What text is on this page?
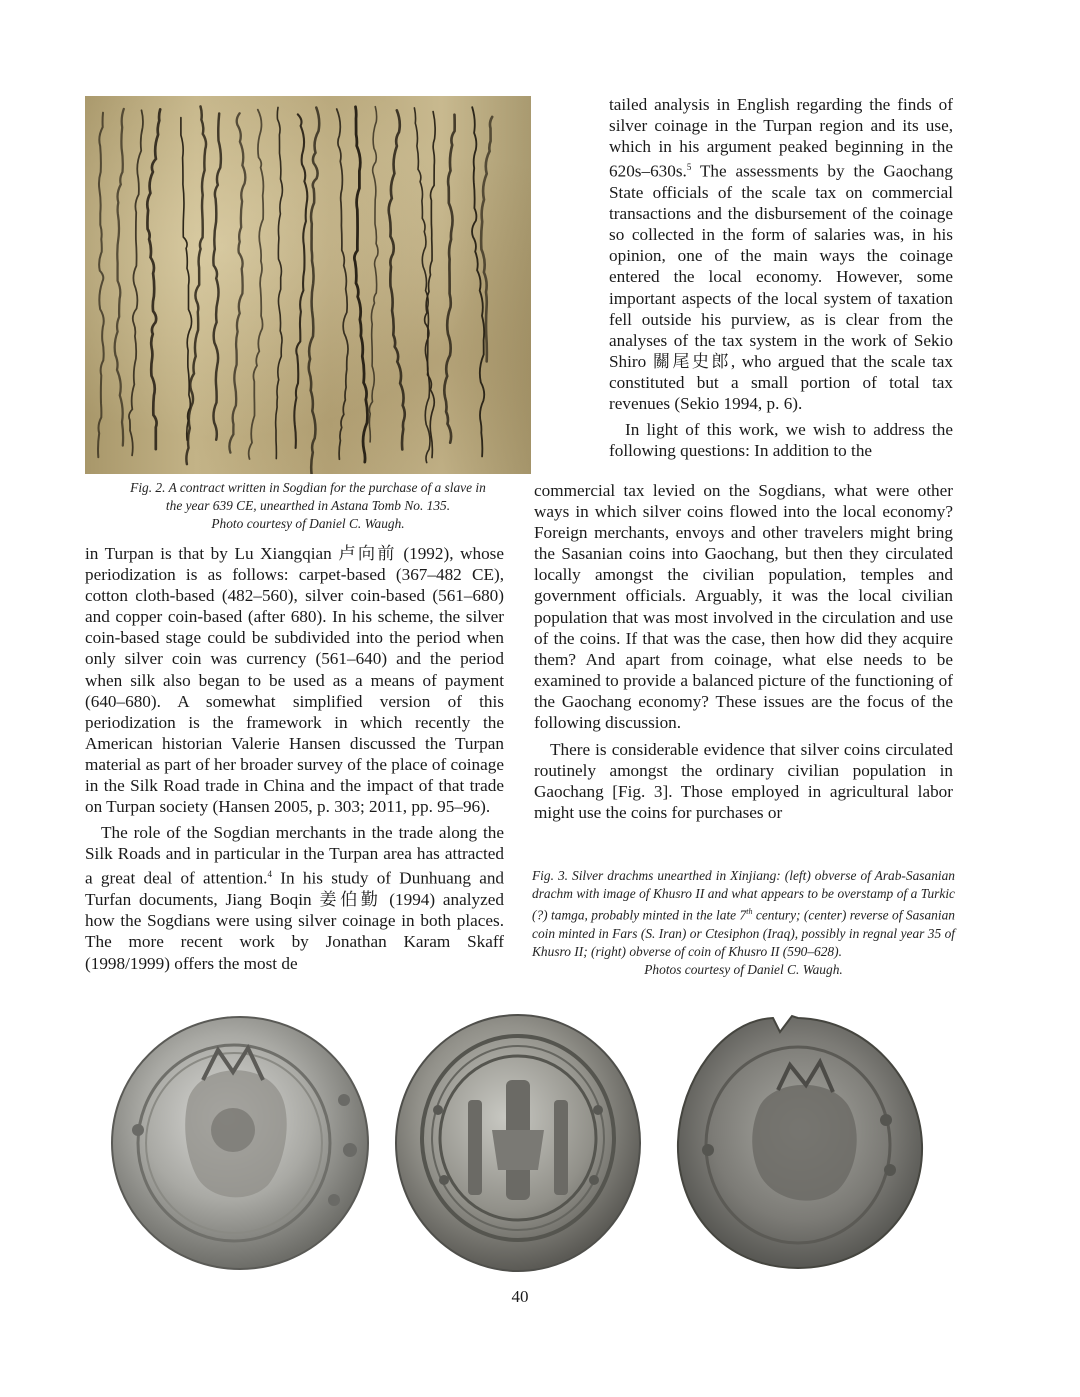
Fig. 2. A contract written in Sogdian for the purchase of a slave in

the year 639 CE, unearthed in Astana Tomb No. 135.

Photo courtesy of Daniel C. Waugh.

tailed analysis in English regarding the finds of silver coinage in the Turpan region and its use, which in his argument peaked beginning in the 620s–630s.$^5$ The assessments by the Gaochang State officials of the scale tax on commercial transactions and the disbursement of the coinage so collected in the form of salaries was, in his opinion, one of the main ways the coinage entered the local economy. However, some important aspects of the local system of taxation fell outside his purview, as is clear from the analyses of the tax system in the work of Sekio Shiro 關尾史郎, who argued that the scale tax constituted but a small portion of total tax revenues (Sekio 1994, p. 6).

In light of this work, we wish to address the following questions: In addition to the

commercial tax levied on the Sogdians, what were other ways in which silver coins flowed into the local economy? Foreign merchants, envoys and other travelers might bring the Sasanian coins into Gaochang, but then they circulated locally amongst the civilian population, temples and government officials. Arguably, it was the local civilian population that was most involved in the circulation and use of the coins. If that was the case, then how did they acquire them? And apart from coinage, what else needs to be examined to provide a balanced picture of the functioning of the Gaochang economy? These issues are the focus of the following discussion.

There is considerable evidence that silver coins circulated routinely amongst the ordinary civilian population in Gaochang [Fig. 3]. Those employed in agricultural labor might use the coins for purchases or

in Turpan is that by Lu Xiangqian 卢向前 (1992), whose periodization is as follows: carpet-based (367–482 CE), cotton cloth-based (482–560), silver coin-based (561–680) and copper coin-based (after 680). In his scheme, the silver coin-based stage could be subdivided into the period when only silver coin was currency (561–640) and the period when silk also began to be used as a means of payment (640–680). A somewhat simplified version of this periodization is the framework in which recently the American historian Valerie Hansen discussed the Turpan material as part of her broader survey of the place of coinage in the Silk Road trade in China and the impact of that trade on Turpan society (Hansen 2005, p. 303; 2011, pp. 95–96).

The role of the Sogdian merchants in the trade along the Silk Roads and in particular in the Turpan area has attracted a great deal of attention.$^4$ In his study of Dunhuang and Turfan documents, Jiang Boqin 姜伯勤 (1994) analyzed how the Sogdians were using silver coinage in both places. The more recent work by Jonathan Karam Skaff (1998/1999) offers the most de

Fig. 3. Silver drachms unearthed in Xinjiang: (left) obverse of Arab-Sasanian drachm with image of Khusro II and what appears to be overstamp of a Turkic (?) tamga, probably minted in the late 7th century; (center) reverse of Sasanian coin minted in Fars (S. Iran) or Ctesiphon (Iraq), possibly in regnal year 35 of Khusro II; (right) obverse of coin of Khusro II (590–628).

Photos courtesy of Daniel C. Waugh.

40
